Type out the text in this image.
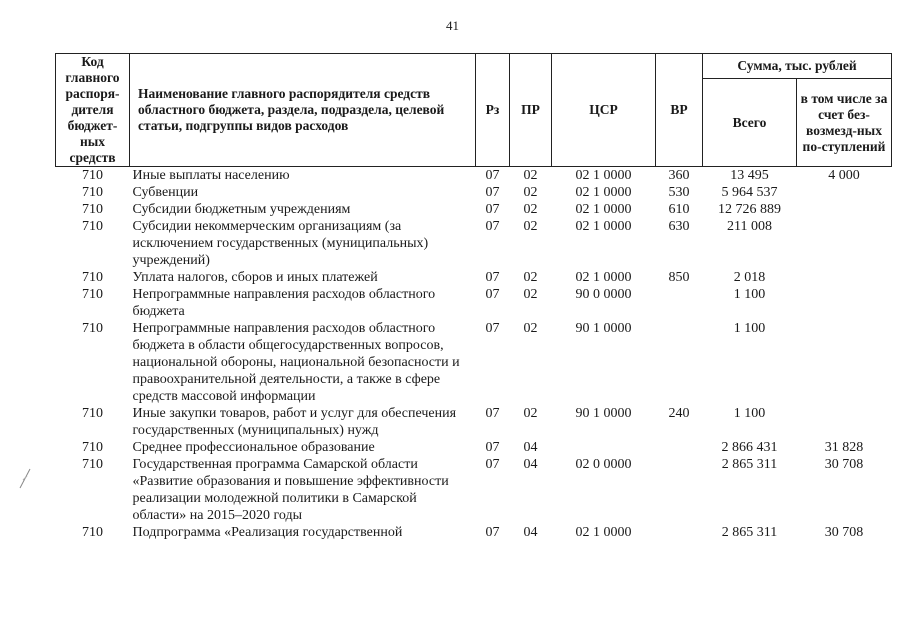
41
Код главного распоря-дителя бюджет-ных средств	Наименование главного распорядителя средств областного бюджета, раздела, подраздела, целевой статьи, подгруппы видов расходов	Рз	ПР	ЦСР	ВР	Сумма, тыс. рублей	
						Всего	в том числе за счет без-возмезд-ных по-ступлений
710	Иные выплаты населению	07	02	02 1 0000	360	13 495	4 000
710	Субвенции	07	02	02 1 0000	530	5 964 537	
710	Субсидии бюджетным учреждениям	07	02	02 1 0000	610	12 726 889	
710	Субсидии некоммерческим организациям (за исключением государственных (муниципальных) учреждений)	07	02	02 1 0000	630	211 008	
710	Уплата налогов, сборов и иных платежей	07	02	02 1 0000	850	2 018	
710	Непрограммные направления расходов областного бюджета	07	02	90 0 0000		1 100	
710	Непрограммные направления расходов областного бюджета в области общегосударственных вопросов, национальной обороны, национальной безопасности и правоохранительной деятельности, а также в сфере средств массовой информации	07	02	90 1 0000		1 100	
710	Иные закупки товаров, работ и услуг для обеспечения государственных (муниципальных) нужд	07	02	90 1 0000	240	1 100	
710	Среднее профессиональное образование	07	04			2 866 431	31 828
710	Государственная программа Самарской области «Развитие образования и повышение эффективности реализации молодежной политики в Самарской области» на 2015–2020 годы	07	04	02 0 0000		2 865 311	30 708
710	Подпрограмма «Реализация государственной	07	04	02 1 0000		2 865 311	30 708
